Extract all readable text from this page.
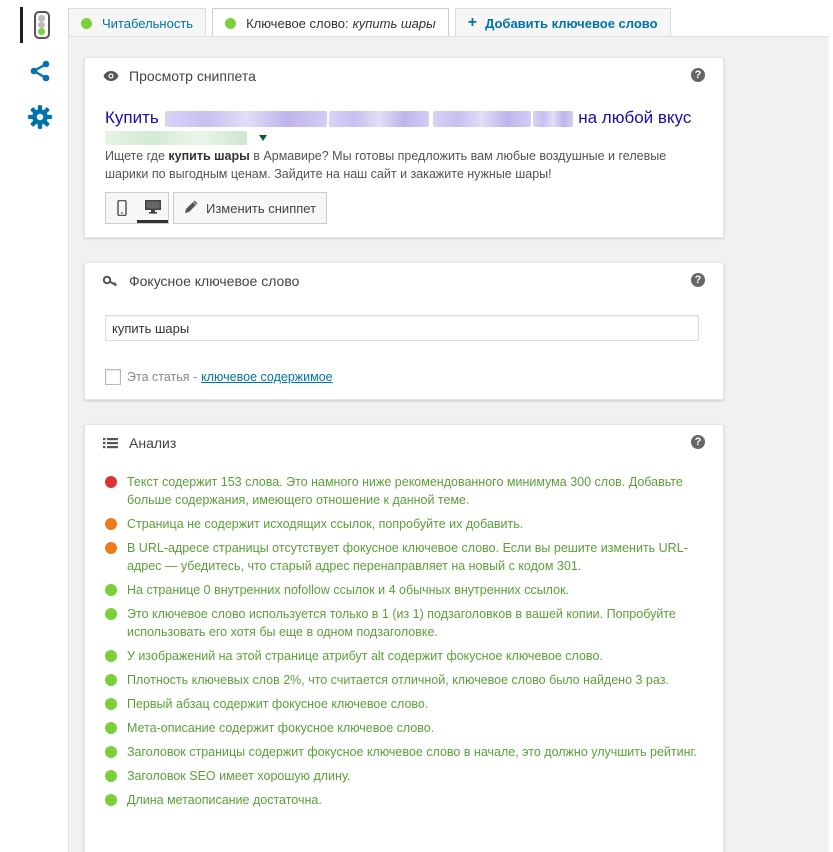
Читабельность	Ключевое слово: купить шары + Добавить ключевое слово
Просмотр сниппета	?
Купить	на любой вкус
Ищете где купить шары в Армавире? Мы готовы предложить вам любые воздушные и гелевые шарики по выгодным ценам. Зайдите на наш сайт и закажите нужные шары!
Изменить сниппет
Фокусное ключевое слово	?
купить шары
Эта статья - ключевое содержимое
Анализ	?
Текст содержит 153 слова. Это намного ниже рекомендованного минимума 300 слов. Добавьте больше содержания, имеющего отношение к данной теме.
Страница не содержит исходящих ссылок, попробуйте их добавить.
В URL-адресе страницы отсутствует фокусное ключевое слово. Если вы решите изменить URL-адрес — убедитесь, что старый адрес перенаправляет на новый с кодом 301.
На странице 0 внутренних nofollow ссылок и 4 обычных внутренних ссылок.
Это ключевое слово используется только в 1 (из 1) подзаголовков в вашей копии. Попробуйте использовать его хотя бы еще в одном подзаголовке.
У изображений на этой странице атрибут alt содержит фокусное ключевое слово.
Плотность ключевых слов 2%, что считается отличной, ключевое слово было найдено 3 раз.
Первый абзац содержит фокусное ключевое слово.
Мета-описание содержит фокусное ключевое слово.
Заголовок страницы содержит фокусное ключевое слово в начале, это должно улучшить рейтинг.
Заголовок SEO имеет хорошую длину.
Длина метаописание достаточна.
